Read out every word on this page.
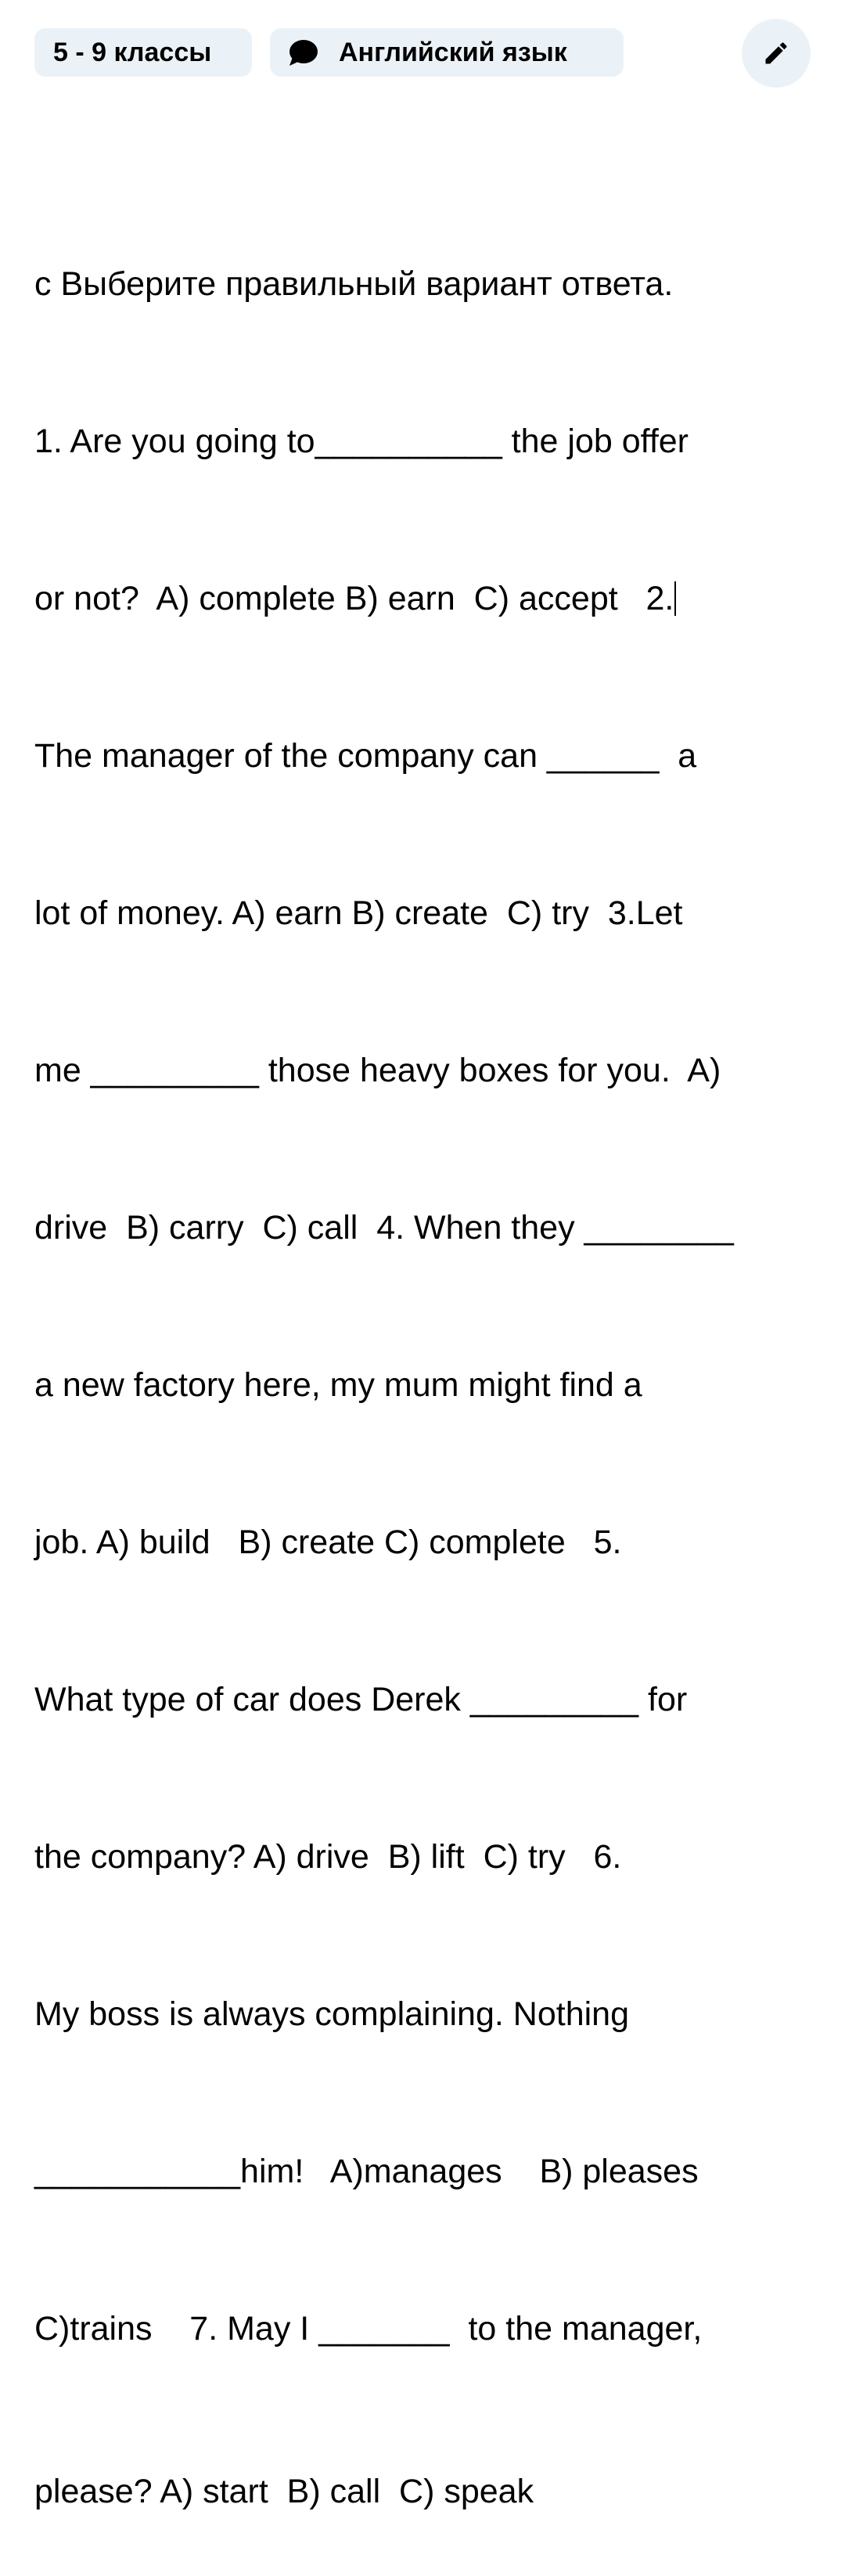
5 - 9 классы	Английский язык

с Выберите правильный вариант ответа.

1. Are you going to__________ the job offer

or not?  A) complete B) earn  C) accept   2.

The manager of the company can ______  a

lot of money. A) earn B) create  C) try  3.Let

me _________ those heavy boxes for you.  A)

drive  B) carry  C) call  4. When they ________

a new factory here, my mum might find a

job. A) build   B) create C) complete   5.

What type of car does Derek _________ for

the company? A) drive  B) lift  C) try   6.

My boss is always complaining. Nothing

___________him!   A)manages    B) pleases

C)trains    7. May I _______  to the manager,

please? A) start  B) call  C) speak
